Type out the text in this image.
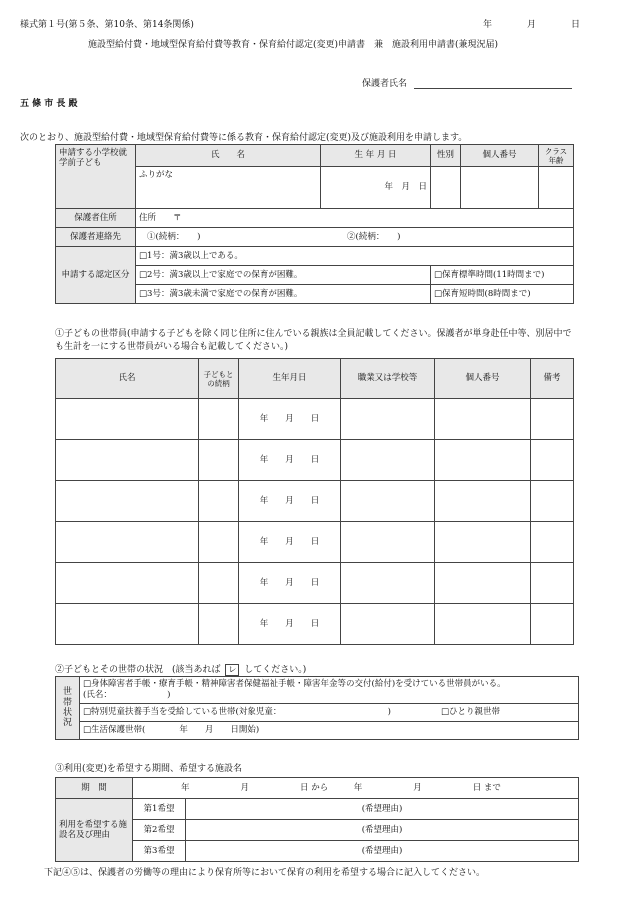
様式第１号(第５条、第10条、第14条関係)	年	月	日
施設型給付費・地域型保育給付費等教育・保育給付認定(変更)申請書　兼　施設利用申請書(兼現況届)
保護者氏名
五 條 市 長 殿
次のとおり、施設型給付費・地域型保育給付費等に係る教育・保育給付認定(変更)及び施設利用を申請します。
申請する小学校就学前子ども	氏　　名	生 年 月 日	性別	個人番号	クラス年齢
	ふりがな	年　月　日			
保護者住所	住所　　〒				
保護者連絡先	①(続柄：　　) ②(続柄：　　)				
申請する認定区分	□1号：満3歳以上である。				
	□2号：満3歳以上で家庭での保育が困難。		□保育標準時間(11時間まで)		
	□3号：満3歳未満で家庭での保育が困難。		□保育短時間(8時間まで)		
①子どもの世帯員(申請する子どもを除く同じ住所に住んでいる親族は全員記載してください。保護者が単身赴任中等、別居中でも生計を一にする世帯員がいる場合も記載してください。)
氏名	子どもとの続柄	生年月日	職業又は学校等	個人番号	備考
		年　　月　　日			
		年　　月　　日			
		年　　月　　日			
		年　　月　　日			
		年　　月　　日			
		年　　月　　日			
②子どもとその世帯の状況　(該当あれば レ してください。)
世帯状況	
□身体障害者手帳・療育手帳・精神障害者保健福祉手帳・障害年金等の交付(給付)を受けている世帯員がいる。
(氏名：　　　　　　　)

□特別児童扶養手当を受給している世帯(対象児童：　　　　　　　　　　　　　)	□ひとり親世帯
□生活保護世帯(　　　　年　　月　　日開始)
③利用(変更)を希望する期間、希望する施設名
期　間	年　　　　　　月　　　　　　日 から　　　年　　　　　　月　　　　　　日 まで	
利用を希望する施設名及び理由	第1希望	(希望理由)
	第2希望	(希望理由)
	第3希望	(希望理由)
下記④⑤は、保護者の労働等の理由により保育所等において保育の利用を希望する場合に記入してください。
